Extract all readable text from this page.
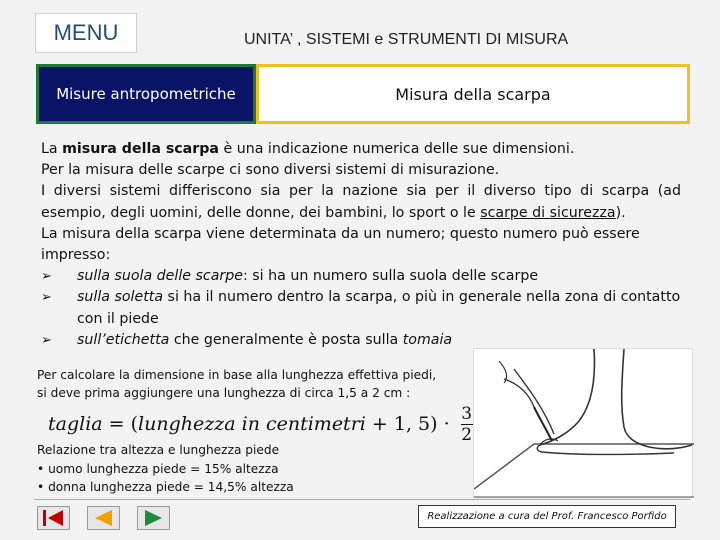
MENU	UNITA’ , SISTEMI e STRUMENTI DI MISURA
Misure antropometriche	Misura della scarpa

La misura della scarpa è una indicazione numerica delle sue dimensioni.

Per la misura delle scarpe ci sono diversi sistemi di misurazione.

I diversi sistemi differiscono sia per la nazione sia per il diverso tipo di scarpa (ad

esempio, degli uomini, delle donne, dei bambini, lo sport o le scarpe di sicurezza).

La misura della scarpa viene determinata da un numero; questo numero può essere impresso:

➢ sulla suola delle scarpe: si ha un numero sulla suola delle scarpe
➢ sulla soletta si ha il numero dentro la scarpa, o più in generale nella zona di contatto con il piede
➢ sull’etichetta che generalmente è posta sulla tomaia
Per calcolare la dimensione in base alla lunghezza effettiva piedi,
si deve prima aggiungere una lunghezza di circa 1,5 a 2 cm :
taglia = ( lunghezza in centimetri + 1, $5) \cdot \frac{3}{2}$
Relazione tra altezza e lunghezza piede
• uomo lunghezza piede = 15% altezza
• donna lunghezza piede = 14,5% altezza
Realizzazione a cura del Prof. Francesco Porfido
